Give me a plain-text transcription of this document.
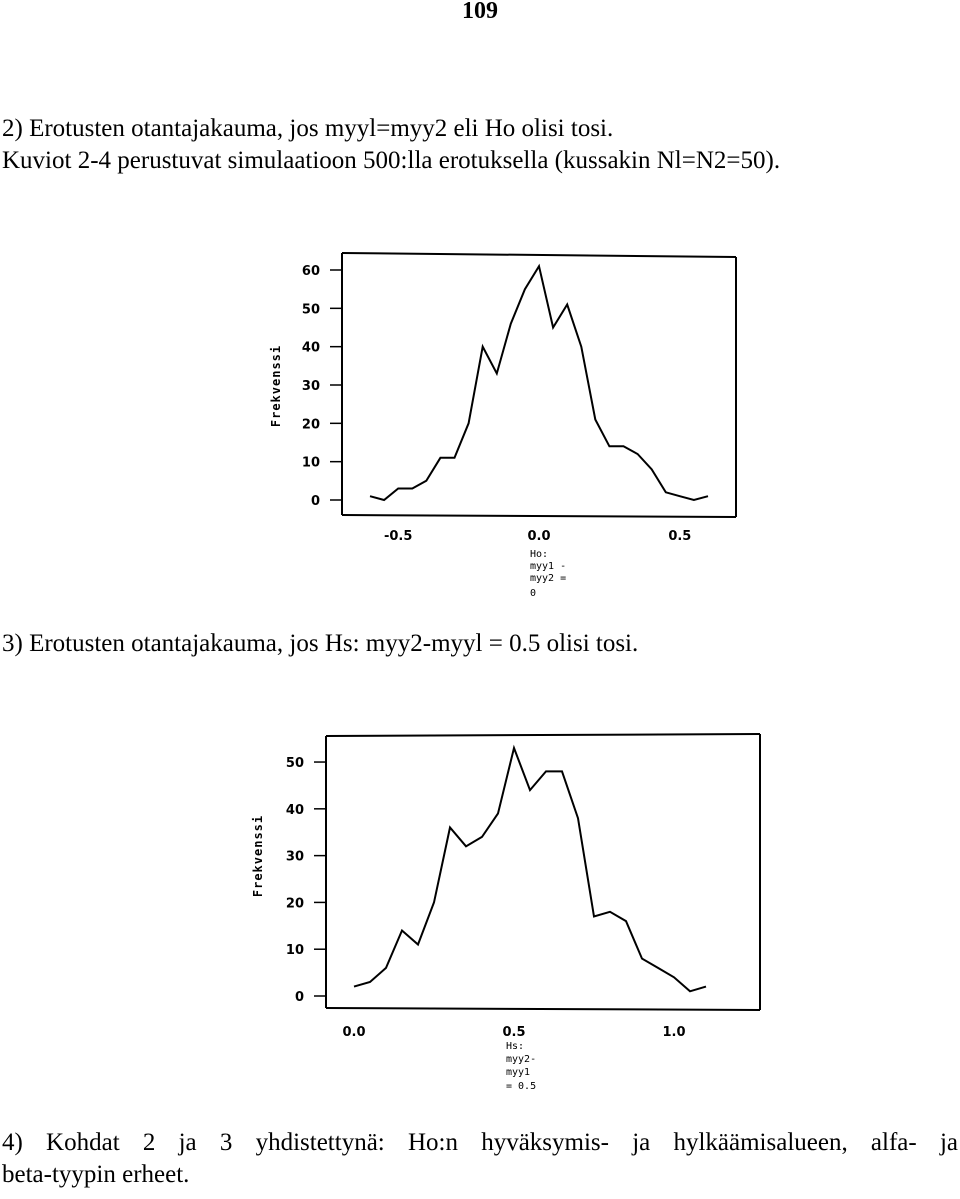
109
2) Erotusten otantajakauma, jos myyl=myy2 eli Ho olisi tosi.
Kuviot 2-4 perustuvat simulaatioon 500:lla erotuksella (kussakin Nl=N2=50).
0
10
20
30
40
50
60
-0.5	0.0	0.5
Frekvenssi
Ho:
myy1 -
myy2 =
0
3) Erotusten otantajakauma, jos Hs: myy2-myyl = 0.5 olisi tosi.
0
10
20
30
40
50
0.0	0.5	1.0
Frekvenssi
Hs:
myy2-
myy1
= 0.5
4) Kohdat 2 ja 3 yhdistettynä: Ho:n hyväksymis- ja hylkäämisalueen, alfa- ja
beta-tyypin erheet.
